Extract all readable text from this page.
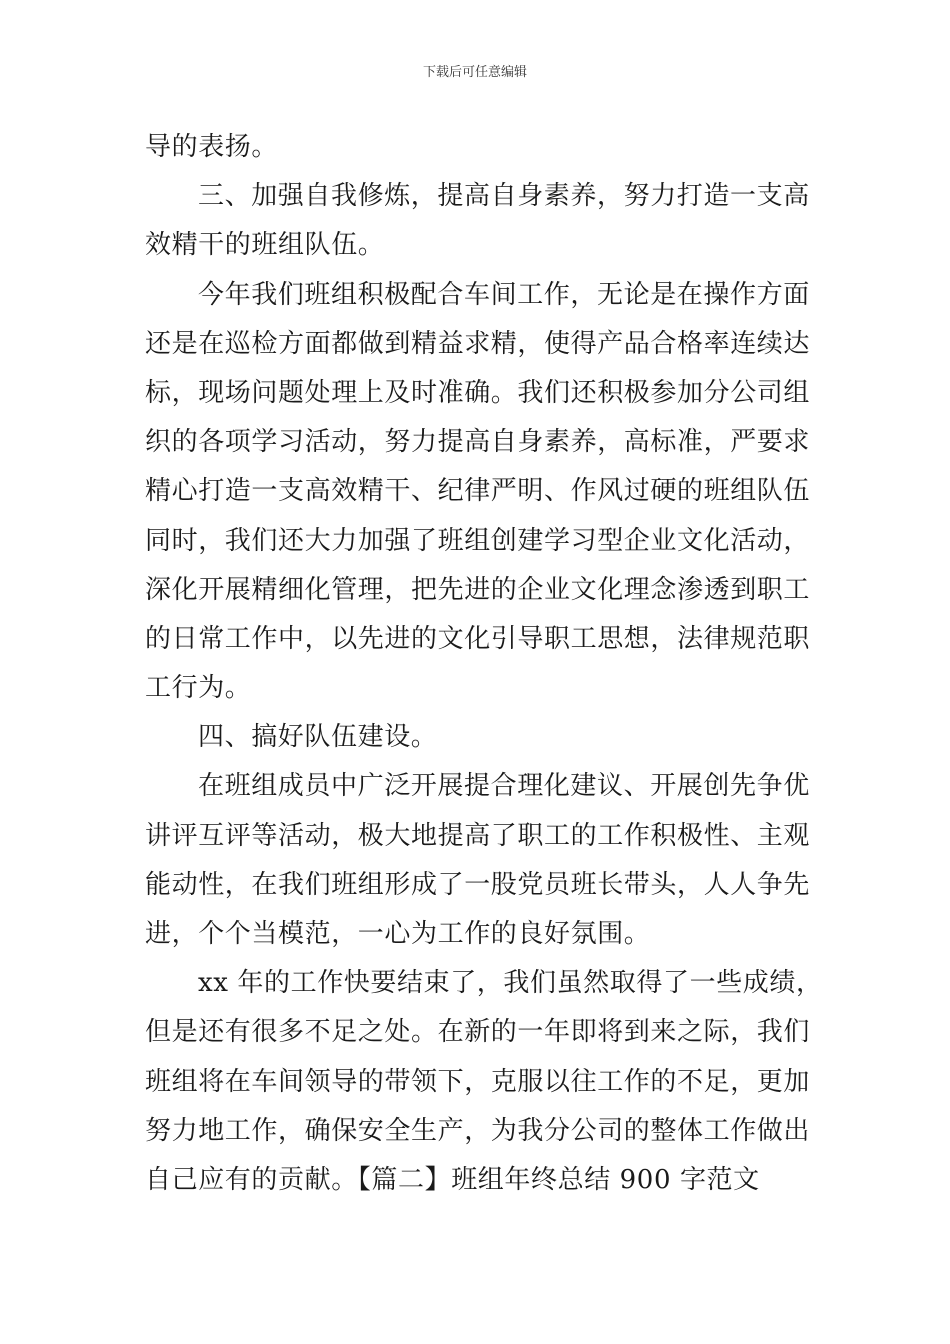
下载后可任意编辑
导的表扬。
三、加强自我修炼，提高自身素养，努力打造一支高
效精干的班组队伍。
今年我们班组积极配合车间工作，无论是在操作方面
还是在巡检方面都做到精益求精，使得产品合格率连续达
标，现场问题处理上及时准确。我们还积极参加分公司组
织的各项学习活动，努力提高自身素养，高标准，严要求
精心打造一支高效精干、纪律严明、作风过硬的班组队伍
同时，我们还大力加强了班组创建学习型企业文化活动，
深化开展精细化管理，把先进的企业文化理念渗透到职工
的日常工作中，以先进的文化引导职工思想，法律规范职
工行为。
四、搞好队伍建设。
在班组成员中广泛开展提合理化建议、开展创先争优
讲评互评等活动，极大地提高了职工的工作积极性、主观
能动性，在我们班组形成了一股党员班长带头，人人争先
进，个个当模范，一心为工作的良好氛围。
xx 年的工作快要结束了，我们虽然取得了一些成绩，
但是还有很多不足之处。在新的一年即将到来之际，我们
班组将在车间领导的带领下，克服以往工作的不足，更加
努力地工作，确保安全生产，为我分公司的整体工作做出
自己应有的贡献。【篇二】班组年终总结 900 字范文
